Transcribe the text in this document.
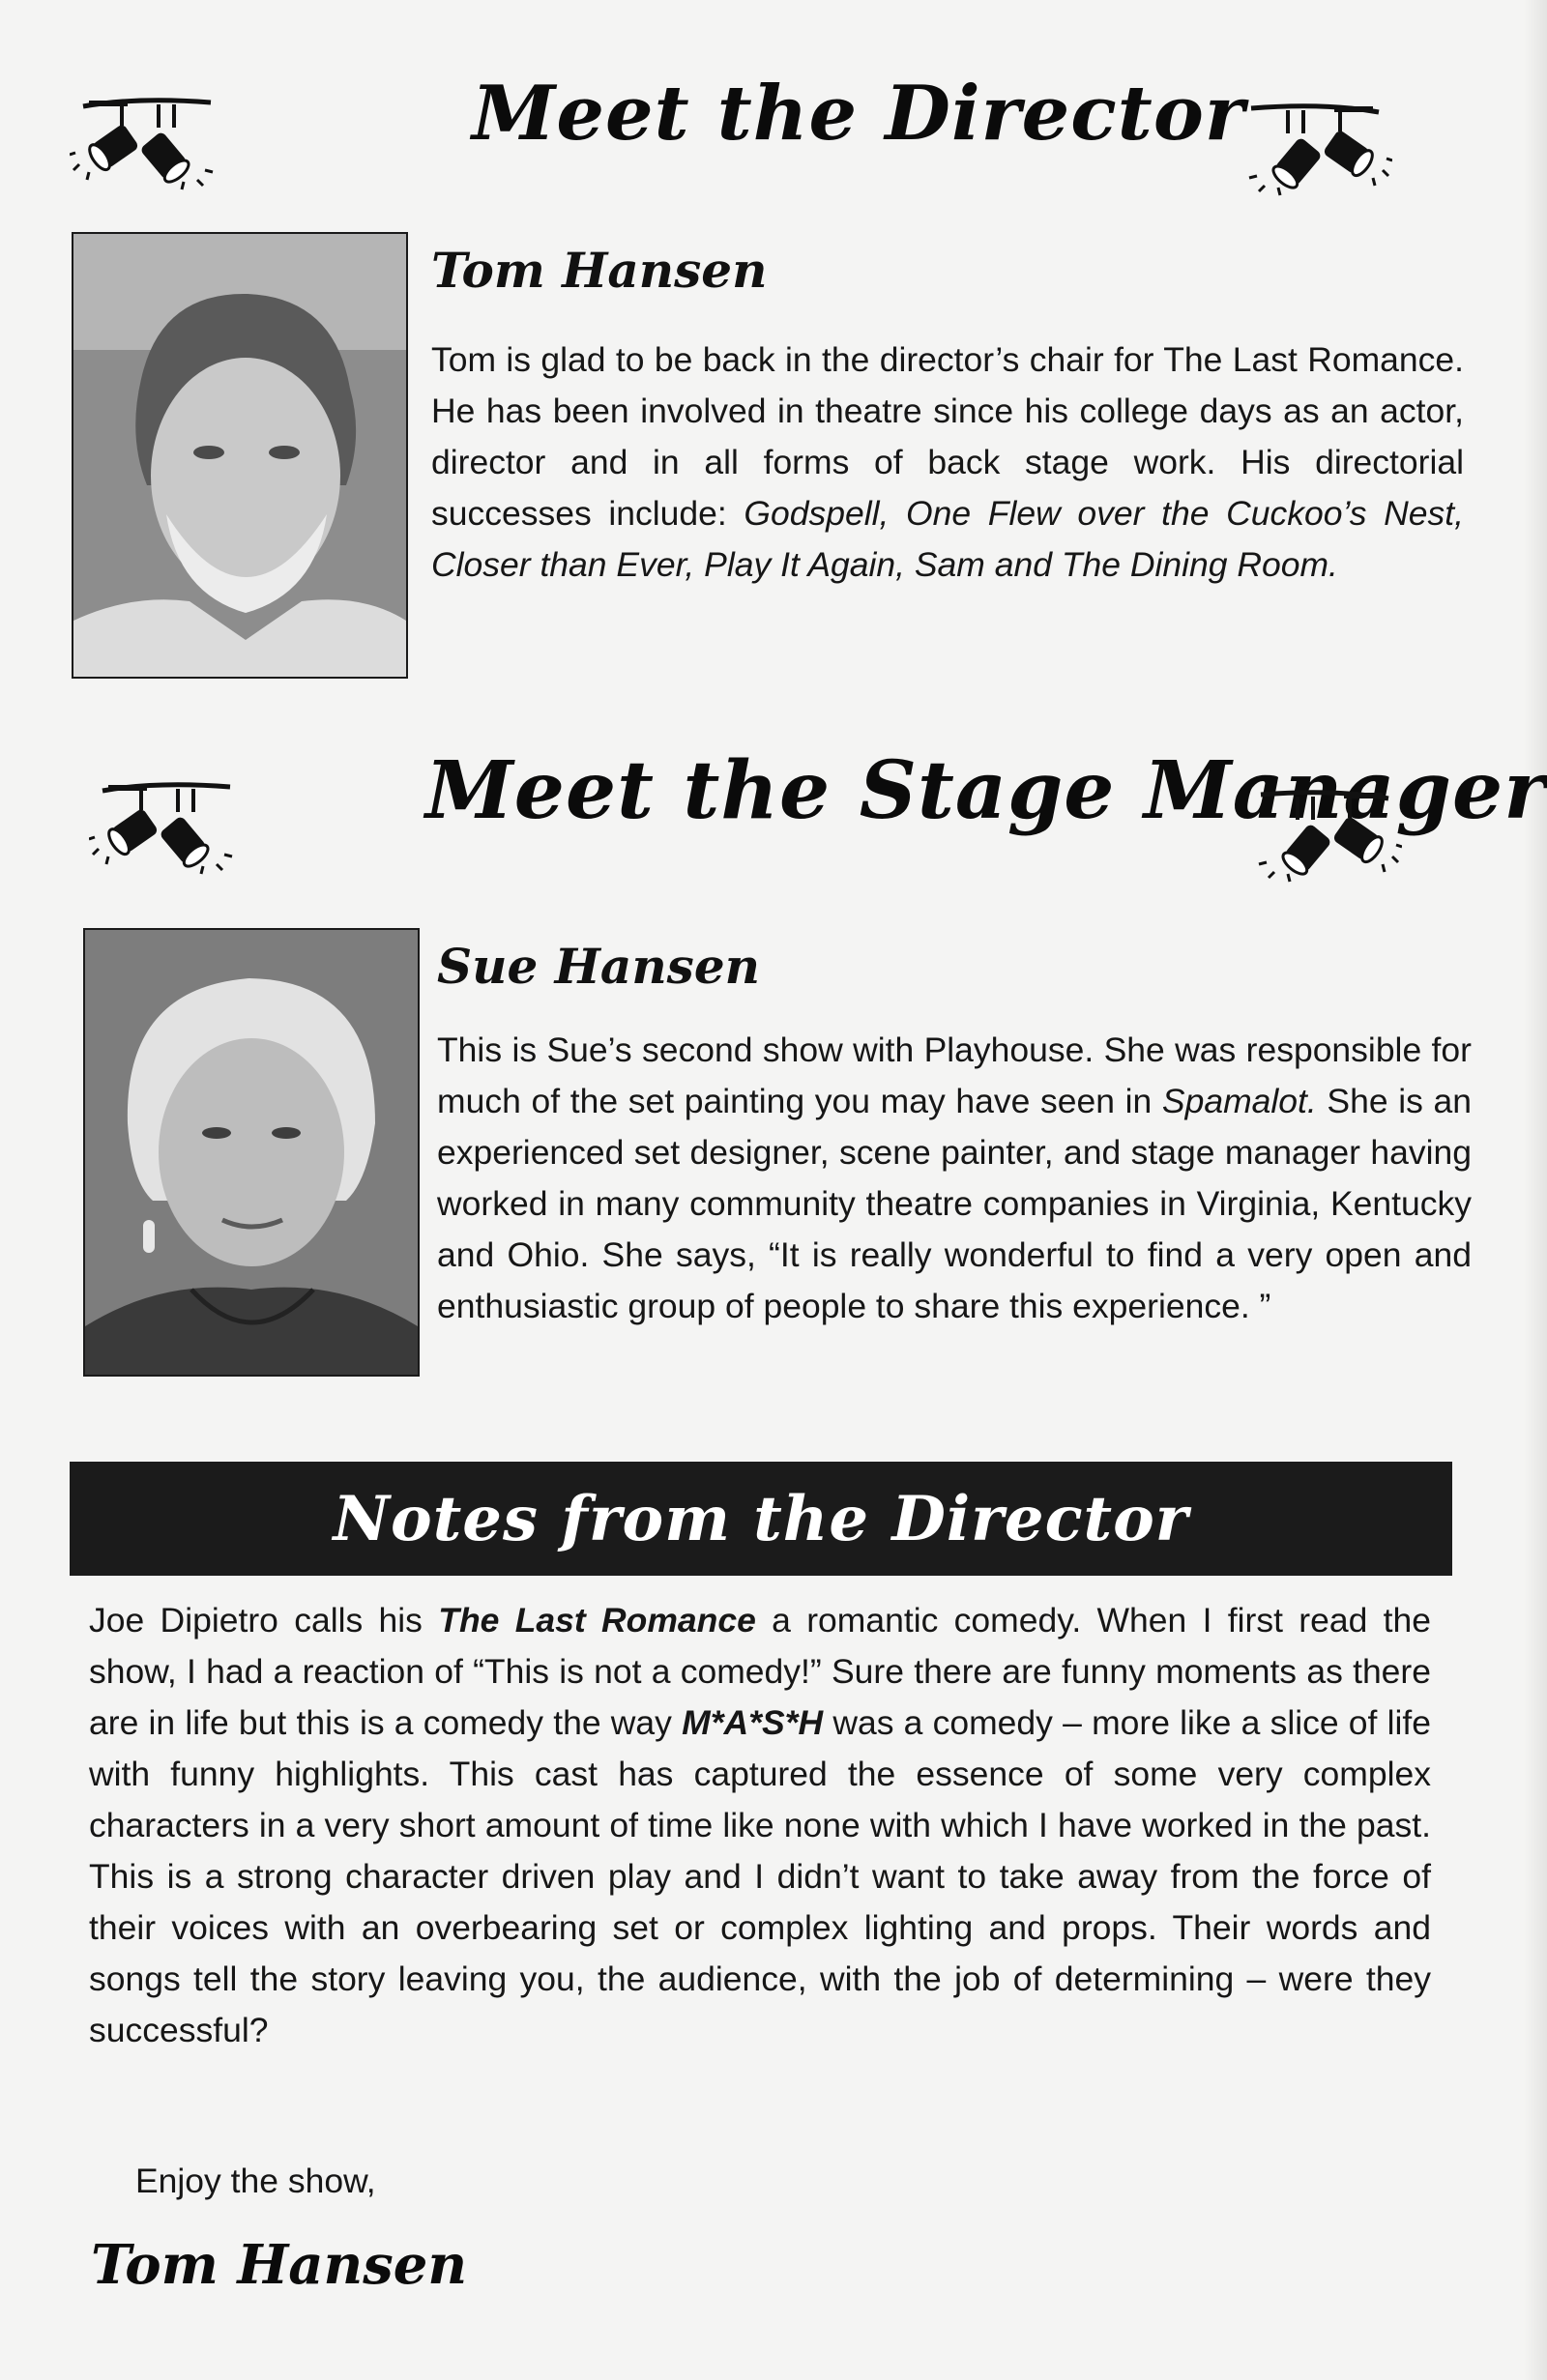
Meet the Director
Tom Hansen

Tom is glad to be back in the director’s chair for The Last Romance. He has been involved in theatre since his college days as an actor, director and in all forms of back stage work. His directorial successes include: Godspell, One Flew over the Cuckoo’s Nest, Closer than Ever, Play It Again, Sam and The Dining Room.

Meet the Stage Manager
Sue Hansen

This is Sue’s second show with Playhouse. She was responsible for much of the set painting you may have seen in Spamalot. She is an experienced set designer, scene painter, and stage manager having worked in many community theatre companies in Virginia, Kentucky and Ohio. She says, “It is really wonderful to find a very open and enthusiastic group of people to share this experience. ”

Notes from the Director

Joe Dipietro calls his The Last Romance a romantic comedy. When I first read the show, I had a reaction of “This is not a comedy!” Sure there are funny moments as there are in life but this is a comedy the way M*A*S*H was a comedy – more like a slice of life with funny highlights. This cast has captured the essence of some very complex characters in a very short amount of time like none with which I have worked in the past. This is a strong character driven play and I didn’t want to take away from the force of their voices with an overbearing set or complex lighting and props. Their words and songs tell the story leaving you, the audience, with the job of determining – were they successful?

Enjoy the show,

Tom Hansen
